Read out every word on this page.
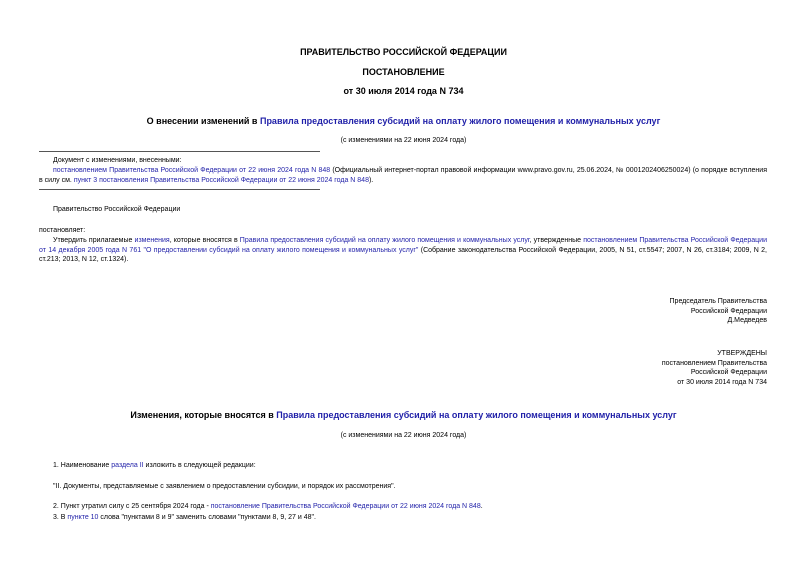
ПРАВИТЕЛЬСТВО РОССИЙСКОЙ ФЕДЕРАЦИИ
ПОСТАНОВЛЕНИЕ
от 30 июля 2014 года N 734
О внесении изменений в Правила предоставления субсидий на оплату жилого помещения и коммунальных услуг
(с изменениями на 22 июня 2024 года)
Документ с изменениями, внесенными:
постановлением Правительства Российской Федерации от 22 июня 2024 года N 848 (Официальный интернет-портал правовой информации www.pravo.gov.ru, 25.06.2024, № 0001202406250024) (о порядке вступления в силу см. пункт 3 постановления Правительства Российской Федерации от 22 июня 2024 года N 848).
Правительство Российской Федерации
постановляет:
Утвердить прилагаемые изменения, которые вносятся в Правила предоставления субсидий на оплату жилого помещения и коммунальных услуг, утвержденные постановлением Правительства Российской Федерации от 14 декабря 2005 года N 761 "О предоставлении субсидий на оплату жилого помещения и коммунальных услуг" (Собрание законодательства Российской Федерации, 2005, N 51, ст.5547; 2007, N 26, ст.3184; 2009, N 2, ст.213; 2013, N 12, ст.1324).
Председатель Правительства
Российской Федерации
Д.Медведев
УТВЕРЖДЕНЫ
постановлением Правительства
Российской Федерации
от 30 июля 2014 года N 734
Изменения, которые вносятся в Правила предоставления субсидий на оплату жилого помещения и коммунальных услуг
(с изменениями на 22 июня 2024 года)
1. Наименование раздела II изложить в следующей редакции:
"II. Документы, представляемые с заявлением о предоставлении субсидии, и порядок их рассмотрения".
2. Пункт утратил силу с 25 сентября 2024 года - постановление Правительства Российской Федерации от 22 июня 2024 года N 848.
3. В пункте 10 слова "пунктами 8 и 9" заменить словами "пунктами 8, 9, 27 и 48".
